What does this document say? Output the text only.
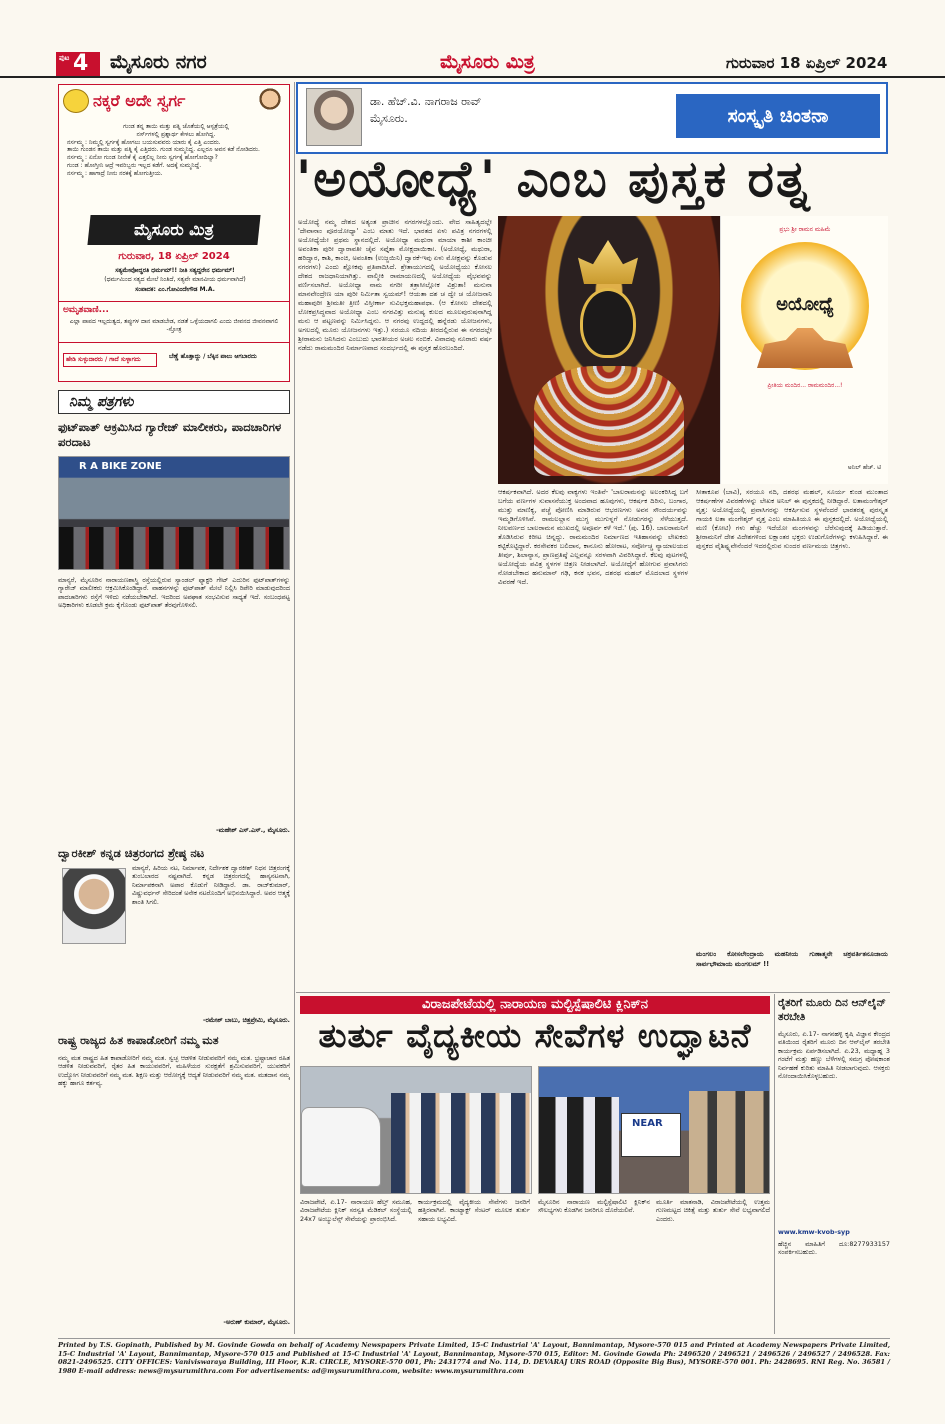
ಪುಟ 4 ಮೈಸೂರು ನಗರ	ಮೈಸೂರು ಮಿತ್ರ	ಗುರುವಾರ 18 ಏಪ್ರಿಲ್ 2024
ನಕ್ಕರೆ ಅದೇ ಸ್ವರ್ಗ
ಗುಂಡ ತನ್ನ ತಾಯಿ ಮತ್ತು ಪತ್ನಿ ಜೊತೆಯಲ್ಲಿ ಆಸ್ಪತ್ರೆಯಲ್ಲಿ
ನರ್ಸ್‌ಗಳಲ್ಲಿ ಪ್ರಶ್ನಾರ್ಥ ಕೇಳಲು ಹೋಗಿದ್ದ.
ನರ್ಸಮ್ಮ : ನಿಮ್ಮಲ್ಲಿ ಸ್ವರ್ಗಕ್ಕೆ ಹೋಗಲು ಬಯಸುವವರು ಯಾರು ಕೈ ಎತ್ತಿ ಎಂದರು.
ತಾಯಿ ಗುಂಡನ ತಾಯಿ ಮತ್ತು ಪತ್ನಿ ಕೈ ಎತ್ತಿದರು. ಗುಂಡ ಸುಮ್ಮನಿದ್ದ. ಎಲ್ಲರೂ ಅವನ ಕಡೆ ನೋಡಿದರು.
ನರ್ಸಮ್ಮ : ಏನೋ ಗುಂಡ ನೀನೇಕೆ ಕೈ ಎತ್ತಲಿಲ್ಲ ನೀನು ಸ್ವರ್ಗಕ್ಕೆ ಹೋಗೋದಿಲ್ವಾ?
ಗುಂಡ : ಹೋಗ್ತೀನಿ ಆದ್ರೆ ಇವರಿಬ್ಬರು ಇಲ್ಲದ ಕಡೆಗೆ. ಅದಕ್ಕೆ ಸುಮ್ಮನಿದ್ದೆ.
ನರ್ಸಮ್ಮ : ಹಾಗಾದ್ರೆ ನೀನು ನರಕಕ್ಕೆ ಹೋಗುತ್ತೀಯ.
ಮೈಸೂರು ಮಿತ್ರ
ಗುರುವಾರ, 18 ಏಪ್ರಿಲ್ 2024
ಸತ್ಯಮೇವೋದ್ಧರತಿ ಧರ್ಮಮ್!! ನೀತಿ ಸತ್ಯದ್ದರೇನ ಧರ್ಮಮ್!
(ಧರ್ಮಮಿಂದ ಸತ್ಯದ ಮೇಲೆ ನಿಂತಿದೆ, ಸತ್ಯವೇ ಮಾನವೀಯ ಧರ್ಮವಾಗಿದೆ)
ಸಂಪಾದಕ: ಎಂ.ಗೋವಿಂದೇಗೌಡ M.A.
ಅಮೃತವಾಣಿ...
ಎಲ್ಲಾ ಪಾಪದ ಇಲ್ಲದುತ್ವದ, ತಪ್ಪುಗಳ ದಾನ ಮಾಡಬೇಡ, ನಡತೆ ಒಳ್ಳೆಯದಾಗಲಿ ಎಂದು ಜೀವನದ ಜೀವನವಾಗಲಿ -ಸ್ತೋತ್ರ
ಹೇಡಿ ಸುಳ್ಳುದಾರರು / ಗಾದೆ ಸುಳ್ಳಾಗದು	ಬೆಣ್ಣೆ ಹೊತ್ತಾದ್ದು / ಬೆಕ್ಕಿನ ಪಾಲು ಆಗಬಾರದು
ನಿಮ್ಮ ಪತ್ರಗಳು
ಫುಟ್‌ಪಾತ್ ಆಕ್ರಮಿಸಿದ ಗ್ಯಾರೇಜ್ ಮಾಲೀಕರು, ಪಾದಚಾರಿಗಳ ಪರದಾಟ
R A BIKE ZONE
ಮಾನ್ಯರೆ, ಮೈಸೂರಿನ ನಾರಾಯಣಶಾಸ್ತ್ರಿ ರಸ್ತೆಯಲ್ಲಿರುವ ಸ್ಯಾಂಡಲ್ ಫ್ಯಾಕ್ಟರಿ ಗೇಟ್ ಎದುರಿನ ಫುಟ್‌ಪಾತ್‌ಗಳನ್ನು ಗ್ಯಾರೇಜ್ ಮಾಲೀಕರು ಆಕ್ರಮಿಸಿಕೊಂಡಿದ್ದಾರೆ. ವಾಹನಗಳನ್ನು ಫುಟ್‌ಪಾತ್ ಮೇಲೆ ನಿಲ್ಲಿಸಿ ರಿಪೇರಿ ಮಾಡುವುದರಿಂದ ಪಾದಚಾರಿಗಳು ರಸ್ತೆಗೆ ಇಳಿದು ನಡೆಯಬೇಕಾಗಿದೆ. ಇದರಿಂದ ಅಪಘಾತ ಸಂಭವಿಸುವ ಸಾಧ್ಯತೆ ಇದೆ. ಸಂಬಂಧಪಟ್ಟ ಅಧಿಕಾರಿಗಳು ಕೂಡಲೇ ಕ್ರಮ ಕೈಗೊಂಡು ಫುಟ್‌ಪಾತ್ ತೆರವುಗೊಳಿಸಲಿ.
-ಮಹೇಶ್ ಎಸ್.ಎಸ್., ಮೈಸೂರು.
ದ್ವಾರಕೀಶ್ ಕನ್ನಡ ಚಿತ್ರರಂಗದ ಶ್ರೇಷ್ಠ ನಟ
ಮಾನ್ಯರೆ, ಹಿರಿಯ ನಟ, ನಿರ್ಮಾಪಕ, ನಿರ್ದೇಶಕ ದ್ವಾರಕೀಶ್ ನಿಧನ ಚಿತ್ರರಂಗಕ್ಕೆ ತುಂಬಲಾರದ ನಷ್ಟವಾಗಿದೆ. ಕನ್ನಡ ಚಿತ್ರರಂಗದಲ್ಲಿ ಹಾಸ್ಯನಟನಾಗಿ, ನಿರ್ಮಾಪಕನಾಗಿ ಅಪಾರ ಕೊಡುಗೆ ನೀಡಿದ್ದಾರೆ. ಡಾ. ರಾಜ್‌ಕುಮಾರ್, ವಿಷ್ಣುವರ್ಧನ್ ಸೇರಿದಂತೆ ಅನೇಕ ನಟರೊಂದಿಗೆ ಅಭಿನಯಿಸಿದ್ದಾರೆ. ಅವರ ಆತ್ಮಕ್ಕೆ ಶಾಂತಿ ಸಿಗಲಿ.
-ರಮೇಶ್ ಬಾಬು, ಚಿತ್ರಪ್ರೇಮಿ, ಮೈಸೂರು.
ರಾಷ್ಟ್ರ ರಾಜ್ಯದ ಹಿತ ಕಾಪಾಡೋರಿಗೆ ನಮ್ಮ ಮತ
ನಮ್ಮ ಮತ ರಾಷ್ಟ್ರದ ಹಿತ ಕಾಪಾಡೋರಿಗೆ ನಮ್ಮ ಮತ. ಸ್ವಚ್ಛ ಆಡಳಿತ ನೀಡುವವರಿಗೆ ನಮ್ಮ ಮತ. ಭ್ರಷ್ಟಾಚಾರ ರಹಿತ ಆಡಳಿತ ನೀಡುವವರಿಗೆ, ರೈತರ ಹಿತ ಕಾಯುವವರಿಗೆ, ಮಹಿಳೆಯರ ಸುರಕ್ಷತೆಗೆ ಶ್ರಮಿಸುವವರಿಗೆ, ಯುವಕರಿಗೆ ಉದ್ಯೋಗ ನೀಡುವವರಿಗೆ ನಮ್ಮ ಮತ. ಶಿಕ್ಷಣ ಮತ್ತು ಆರೋಗ್ಯಕ್ಕೆ ಆದ್ಯತೆ ನೀಡುವವರಿಗೆ ನಮ್ಮ ಮತ. ಮತದಾನ ನಮ್ಮ ಹಕ್ಕು ಹಾಗೂ ಕರ್ತವ್ಯ.
-ಅರುಣ್ ಕುಮಾರ್, ಮೈಸೂರು.
ಡಾ. ಹೆಚ್.ವಿ. ನಾಗರಾಜ ರಾವ್
ಮೈಸೂರು.	ಸಂಸ್ಕೃತಿ ಚಿಂತನಾ
'ಅಯೋಧ್ಯೆ' ಎಂಬ ಪುಸ್ತಕ ರತ್ನ
ಅಯೋಧ್ಯೆ ನಮ್ಮ ದೇಶದ ಅತ್ಯಂತ ಪ್ರಾಚೀನ ನಗರಗಳಲ್ಲೊಂದು. ವೇದ ಸಾಹಿತ್ಯದಲ್ಲೇ 'ದೇವಾನಾಂ ಪೂರಯೋಧ್ಯಾ' ಎಂಬ ಮಾತು ಇದೆ. ಭಾರತದ ಏಳು ಪವಿತ್ರ ನಗರಗಳಲ್ಲಿ ಅಯೋಧ್ಯೆಯೇ ಪ್ರಥಮ ಸ್ಥಾನದಲ್ಲಿದೆ. ಅಯೋಧ್ಯಾ ಮಥುರಾ ಮಾಯಾ ಕಾಶೀ ಕಾಂಚೀ ಅವಂತಿಕಾ ಪುರೀ ದ್ವಾರಾವತೀ ಚೈವ ಸಪ್ತೈತಾ ಮೋಕ್ಷದಾಯಿಕಾಃ. (ಅಯೋಧ್ಯೆ, ಮಥುರಾ, ಹರಿದ್ವಾರ, ಕಾಶಿ, ಕಾಂಚಿ, ಅವಂತಿಕಾ (ಉಜ್ಜಯಿನಿ) ದ್ವಾರಕೆ-ಇವು ಏಳು ಮೋಕ್ಷವನ್ನು ಕೊಡುವ ನಗರಗಳು) ಎಂದು ಶ್ಲೋಕವು ಪ್ರತಿಪಾದಿಸಿದೆ. ಶ್ರೇತಾಯುಗದಲ್ಲಿ ಅಯೋಧ್ಯೆಯು ಕೋಸಲ ದೇಶದ ರಾಜಧಾನಿಯಾಗಿತ್ತು. ವಾಲ್ಮೀಕಿ ರಾಮಾಯಣದಲ್ಲಿ ಅಯೋಧ್ಯೆಯ ವೈಭವವನ್ನು ವರ್ಣಿಸಲಾಗಿದೆ. ಅಯೋಧ್ಯಾ ನಾಮ ನಗರೀ ತತ್ರಾಸೀಲ್ಲೋಕ ವಿಶ್ರುತಾ! ಮನುನಾ ಮಾನವೇಂದ್ರೇಣ ಯಾ ಪುರೀ ನಿರ್ಮಿತಾ ಸ್ವಯಮ್! ಆಯತಾ ದಶ ಚ ದ್ವೇ ಚ ಯೋಜನಾನಿ ಮಹಾಪುರೀ ಶ್ರೀಮತೀ ತ್ರೀಣಿ ವಿಸ್ತೀರ್ಣಾ ಸುವಿಭಕ್ತಮಹಾಪಥಾ. (ಆ ಕೋಸಲ ದೇಶದಲ್ಲಿ ಲೋಕಪ್ರಸಿದ್ಧವಾದ ಅಯೋಧ್ಯಾ ಎಂಬ ನಗರವಿತ್ತು ಮನುಷ್ಯ ಕುಲದ ಮೂಲಪುರುಷನಾಗಿದ್ದ ಮನು ಆ ಪಟ್ಟಣವನ್ನು ನಿರ್ಮಿಸಿದ್ದನು. ಆ ನಗರವು ಉದ್ದದಲ್ಲಿ ಹನ್ನೆರಡು ಯೋಜನಗಳು, ಅಗಲದಲ್ಲಿ ಮೂರು ಯೋಜನಗಳು ಇತ್ತು.) ಸರಯೂ ನದಿಯ ತೀರದಲ್ಲಿರುವ ಈ ನಗರದಲ್ಲೇ ಶ್ರೀರಾಮನು ಜನಿಸಿದನು ಎಂಬುದು ಭಾರತೀಯರ ಅಚಲ ನಂಬಿಕೆ. ವಿವಾದವು ನೂರಾರು ವರ್ಷ ನಡೆದು ರಾಮಮಂದಿರ ನಿರ್ಮಾಣವಾದ ಸಂದರ್ಭದಲ್ಲಿ ಈ ಪುಸ್ತಕ ಹೊರಬಂದಿದೆ.
ಪ್ರಭು ಶ್ರೀ ರಾಮನ ಮಹಿಮೆ
ಅಯೋಧ್ಯೆ
ಪ್ರೀತಿಯ ಮಂದಿರ... ರಾಮಮಂದಿರ...!
ಅನಿಲ್ ಹೆಚ್. ಟಿ
ಆಕರ್ಷಕವಾಗಿದೆ. ಅದರ ಕೆಲವು ವಾಕ್ಯಗಳು ಇಂತಿವೆ- 'ಬಾಲರಾಮನನ್ನು ಅಲಂಕರಿಸಿದ್ದ ಬಗೆ ಬಗೆಯ ವರ್ಣಗಳ ಸುವಾಸನೆಯುಕ್ತ ಅಂದವಾದ ಹೂವುಗಳು, ಆಕರ್ಷಕ ದಿರಿಸು, ಬಂಗಾರ, ಮುತ್ತು ಮಾಣಿಕ್ಯ, ಪಚ್ಚೆ ಪೋಣಿಸಿ ಮಾಡಿರುವ ಆಭರಣಗಳು ಅವನ ಸೌಂದರ್ಯವನ್ನು ಇಮ್ಮಡಿಗೊಳಿಸಿವೆ. ರಾಮಲಲ್ಲಾನ ಮುಗ್ಧ ಮುಗುಳ್ನಗೆ ನೋಡುಗರನ್ನು ಸೆಳೆಯುತ್ತದೆ. ನೀಲವರ್ಣದ ಬಾಲರಾಮನ ಮುಖದಲ್ಲಿ ಅಪೂರ್ವ ಕಳೆ ಇದೆ.' (ಪು. 16). ಬಾಲರಾಮನಿಗೆ ತೊಡಿಸಿರುವ ಕಿರೀಟ ಚಿನ್ನದ್ದು. ರಾಮಮಂದಿರ ನಿರ್ಮಾಣದ ಇತಿಹಾಸವನ್ನು ಲೇಖಕರು ಕಟ್ಟಿಕೊಟ್ಟಿದ್ದಾರೆ. ಕರಸೇವಕರ ಬಲಿದಾನ, ಕಾನೂನು ಹೋರಾಟ, ಸರ್ವೋಚ್ಚ ನ್ಯಾಯಾಲಯದ ತೀರ್ಪು, ಶಿಲಾನ್ಯಾಸ, ಪ್ರಾಣಪ್ರತಿಷ್ಠೆ ಎಲ್ಲವನ್ನೂ ಸರಳವಾಗಿ ವಿವರಿಸಿದ್ದಾರೆ. ಕೆಲವು ಪುಟಗಳಲ್ಲಿ ಅಯೋಧ್ಯೆಯ ಪವಿತ್ರ ಸ್ಥಳಗಳ ಚಿತ್ರಣ ನೀಡಲಾಗಿದೆ. ಅಯೋಧ್ಯೆಗೆ ಹೋಗುವ ಪ್ರವಾಸಿಗರು ನೋಡಬೇಕಾದ ಹನುಮಾನ್ ಗಢಿ, ಕನಕ ಭವನ, ದಶರಥ ಮಹಲ್ ಮೊದಲಾದ ಸ್ಥಳಗಳ ವಿವರಣೆ ಇದೆ.
ಸೀತಾಕೂಪ (ಬಾವಿ), ಸರಯೂ ನದಿ, ದಶರಥ ಮಹಲ್, ಸೂರ್ಯ ಕುಂಡ ಮುಂತಾದ ಆಕರ್ಷಣೆಗಳ ವಿವರಣೆಗಳನ್ನು ಲೇಖಕ ಅನಿಲ್ ಈ ಪುಸ್ತಕದಲ್ಲಿ ನೀಡಿದ್ದಾರೆ. ಲತಾಮಂಗೇಶ್ಕರ್ ವೃತ್ತ: ಅಯೋಧ್ಯೆಯಲ್ಲಿ ಪ್ರವಾಸಿಗರನ್ನು ಆಕರ್ಷಿಸುವ ಸ್ಥಳವೆಂದರೆ ಭಾರತರತ್ನ ಪುರಸ್ಕೃತ ಗಾಯಕಿ ಲತಾ ಮಂಗೇಶ್ಕರ್ ವೃತ್ತ ಎಂಬ ಮಾಹಿತಿಯೂ ಈ ಪುಸ್ತಕದಲ್ಲಿದೆ. ಅಯೋಧ್ಯೆಯಲ್ಲಿ ಮಣಿ (ಕೋಟಿ) ಗಳು ಹೆಚ್ಚು ಇದೆಯೋ ಮಂಗಳವನ್ನು ಬೆರೆಸುವುದಕ್ಕೆ ಹಿಡಿಯುತ್ತಾರೆ. ಶ್ರೀರಾಮನಿಗೆ ದೇಶ ವಿದೇಶಗಳಿಂದ ಲಕ್ಷಾಂತರ ಭಕ್ತರು ಉಡುಗೊರೆಗಳನ್ನು ಕಳುಹಿಸಿದ್ದಾರೆ. ಈ ಪುಸ್ತಕದ ವೈಶಿಷ್ಟ್ಯವೇನೆಂದರೆ ಇದರಲ್ಲಿರುವ ಸುಂದರ ವರ್ಣಮಯ ಚಿತ್ರಗಳು.
ಮಂಗಲಂ ಕೋಸಲೇಂದ್ರಾಯ ಮಹನೀಯ ಗುಣಾತ್ಮನೇ ಚಕ್ರವರ್ತಿತನೂಜಾಯ ಸಾರ್ವಭೌಮಾಯ ಮಂಗಲಮ್ !!
ವಿರಾಜಪೇಟೆಯಲ್ಲಿ ನಾರಾಯಣ ಮಲ್ಟಿಸ್ಪೆಷಾಲಿಟಿ ಕ್ಲಿನಿಕ್‌ನ
ತುರ್ತು ವೈದ್ಯಕೀಯ ಸೇವೆಗಳ ಉದ್ಘಾಟನೆ
NEAR
ವಿರಾಜಪೇಟೆ, ಏ.17- ನಾರಾಯಣ ಹೆಲ್ತ್ ಸಮೂಹ, ವಿರಾಜಪೇಟೆಯ ಕ್ಲಿನಿಕ್ ಸರಸ್ವತಿ ಮೆಡಿಕಲ್ ಸಂಸ್ಥೆಯಲ್ಲಿ 24x7 ಅಂಬ್ಯುಲೆನ್ಸ್ ಸೇವೆಯನ್ನು ಪ್ರಾರಂಭಿಸಿದೆ.
ಕಾರ್ಯಕ್ರಮದಲ್ಲಿ ವೈದ್ಯಕೀಯ ಸೇವೆಗಳು ಜನರಿಗೆ ಹತ್ತಿರವಾಗಿವೆ. ಕಾಂಟ್ಯಾಕ್ಟ್ ಸೆಂಟರ್ ಮೂಲಕ ತುರ್ತು ಸಹಾಯ ಲಭ್ಯವಿದೆ.
ಮೈಸೂರಿನ ನಾರಾಯಣ ಮಲ್ಟಿಸ್ಪೆಷಾಲಿಟಿ ಕ್ಲಿನಿಕ್‌ನ ಸೌಲಭ್ಯಗಳು ಕೊಡಗಿನ ಜನರಿಗೂ ದೊರೆಯಲಿವೆ.
ಮೂರ್ತಿ ಮಾತನಾಡಿ, ವಿರಾಜಪೇಟೆಯಲ್ಲಿ ಉತ್ತಮ ಗುಣಮಟ್ಟದ ಚಿಕಿತ್ಸೆ ಮತ್ತು ತುರ್ತು ಸೇವೆ ಲಭ್ಯವಾಗಲಿದೆ ಎಂದರು.
ರೈತರಿಗೆ ಮೂರು ದಿನ ಆನ್‌ಲೈನ್ ತರಬೇತಿ
ಮೈಸೂರು, ಏ.17- ನಾಗನಹಳ್ಳಿ ಕೃಷಿ ವಿಜ್ಞಾನ ಕೇಂದ್ರದ ವತಿಯಿಂದ ರೈತರಿಗೆ ಮೂರು ದಿನ ಆನ್‌ಲೈನ್ ತರಬೇತಿ ಕಾರ್ಯಕ್ರಮ ಏರ್ಪಡಿಸಲಾಗಿದೆ. ಏ.23, ಮಧ್ಯಾಹ್ನ 3 ಗಂಟೆಗೆ ಮತ್ತು ಹಣ್ಣು ಬೆಳೆಗಳಲ್ಲಿ ಸಮಗ್ರ ಪೋಷಕಾಂಶ ನಿರ್ವಹಣೆ ಕುರಿತು ಮಾಹಿತಿ ನೀಡಲಾಗುವುದು. ಆಸಕ್ತರು ನೋಂದಾಯಿಸಿಕೊಳ್ಳಬಹುದು.
www.kmw-kvob-syp
ಹೆಚ್ಚಿನ ಮಾಹಿತಿಗೆ ದೂ:8277933157 ಸಂಪರ್ಕಿಸಬಹುದು.
Printed by T.S. Gopinath, Published by M. Govinde Gowda on behalf of Academy Newspapers Private Limited, 15-C Industrial 'A' Layout, Bannimantap, Mysore-570 015 and Printed at Academy Newspapers Private Limited, 15-C Industrial 'A' Layout, Bannimantap, Mysore-570 015 and Published at 15-C Industrial 'A' Layout, Bannimantap, Mysore-570 015, Editor: M. Govinde Gowda Ph: 2496520 / 2496521 / 2496526 / 2496527 / 2496528. Fax: 0821-2496525. CITY OFFICES: Vaniviswaraya Building, III Floor, K.R. CIRCLE, MYSORE-570 001, Ph: 2431774 and No. 114, D. DEVARAJ URS ROAD (Opposite Big Bus), MYSORE-570 001. Ph: 2428695. RNI Reg. No. 36581 / 1980 E-mail address: news@mysurumithra.com For advertisements: ad@mysurumithra.com, website: www.mysurumithra.com
